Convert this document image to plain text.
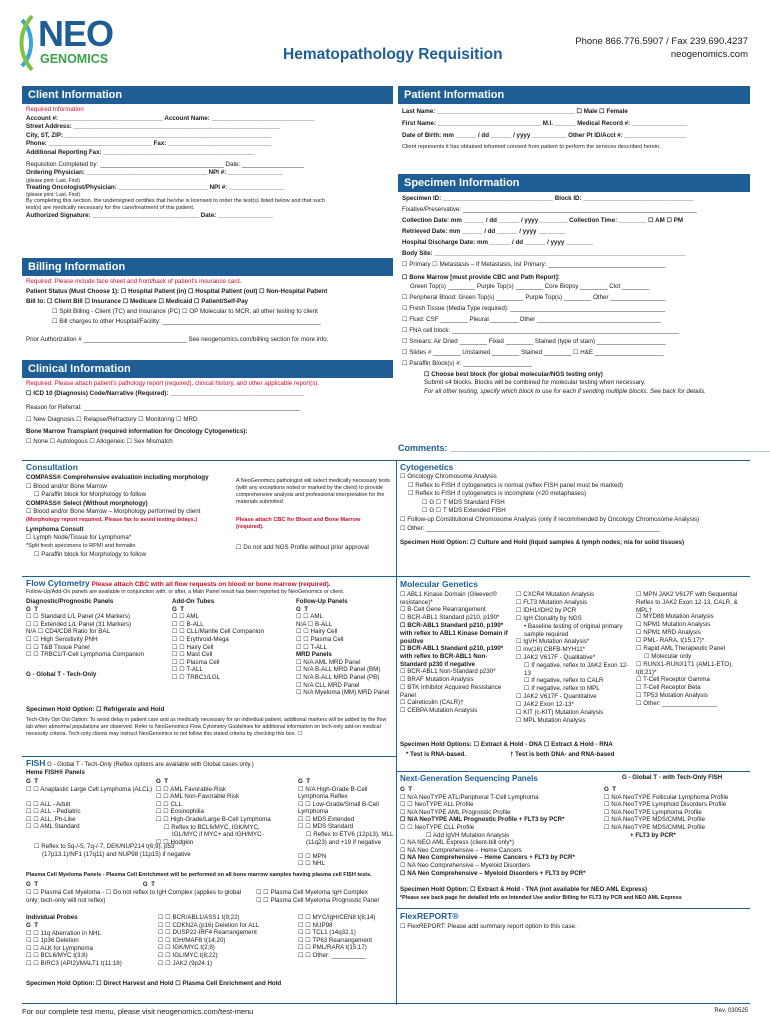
NEO
GENOMICS	Hematopathology Requisition
Phone 866.776.5907 / Fax 239.690.4237
neogenomics.com
Client Information
Required Information
Account #: ______________________________ Account Name: ______________________________
Street Address: ____________________________________________________________
City, ST, ZIP: ____________________________________________________________
Phone: ______________________________ Fax: ______________________________
Additional Reporting Fax: ____________________________________________
Requisition Completed by: ____________________________________ Date: __________________
Ordering Physician: ___________________________________ NPI #: ________________
(please print: Last, First)
Treating Oncologist/Physician: __________________________ NPI #: ________________
(please print: Last, First)
By completing this section, the undersigned certifies that he/she is licensed to order the test(s) listed below and that such
test(s) are medically necessary for the care/treatment of this patient.
Authorized Signature: _______________________________ Date: ________________
Patient Information
Last Name: ________________________________________ ☐ Male ☐ Female
First Name: ______________________________ M.I. ______ Medical Record #: ________________
Date of Birth: mm ______ / dd ______ / yyyy __________ Other Pt ID/Acct #: __________________
Client represents it has obtained informed consent from patient to perform the services described herein.
Specimen Information
Specimen ID: ________________________________ Block ID: ________________________________
Fixative/Preservative: ____________________________________________________________________
Collection Date: mm ______ / dd ______ / yyyy ________ Collection Time: ________ ☐ AM ☐ PM
Retrieved Date: mm ______ / dd ______ / yyyy ________
Hospital Discharge Date: mm ______ / dd ______ / yyyy ________
Body Site: _________________________________________________________________________
☐ Primary ☐ Metastasis – If Metastasis, list Primary: __________________________________
☐ Bone Marrow [must provide CBC and Path Report]:
Green Top(s) ________ Purple Top(s) ________ Core Biopsy ________ Clot ________
☐ Peripheral Blood: Green Top(s) ________ Purple Top(s) ________ Other ________________
☐ Fresh Tissue (Media Type required): _____________________________________________
☐ Fluid: CSF ________ Pleural ________ Other ____________________________________
☐ FNA cell block: __________________________________________________________________
☐ Smears: Air Dried ________ Fixed ________ Stained (type of stain) ____________________
☐ Slides # ________ Unstained ________ Stained ________ ☐ H&E ____________________
☐ Paraffin Block(s) #: ____________________
☐ Choose best block (for global molecular/NGS testing only)
Submit ≤4 blocks. Blocks will be combined for molecular testing when necessary.
For all other testing, specify which block to use for each if sending multiple blocks. See back for details.
Comments: ________________________________________________________________
Billing Information
Required: Please include face sheet and front/back of patient's insurance card.
Patient Status (Must Choose 1): ☐ Hospital Patient (in) ☐ Hospital Patient (out) ☐ Non-Hospital Patient
Bill to: ☐ Client Bill ☐ Insurance ☐ Medicare ☐ Medicaid ☐ Patient/Self-Pay
☐ Split Billing - Client (TC) and Insurance (PC) ☐ OP Molecular to MCR, all other testing to client
☐ Bill charges to other Hospital/Facility: ______________________________________________
Prior Authorization # ______________________________ See neogenomics.com/billing section for more info.
Clinical Information
Required: Please attach patient's pathology report (required), clinical history, and other applicable report(s).
☐ ICD 10 (Diagnosis) Code/Narrative (Required): _______________________________________
Reason for Referral: _______________________________________________________________
☐ New Diagnosis ☐ Relapse/Refractory ☐ Monitoring ☐ MRD
Bone Marrow Transplant (required information for Oncology Cytogenetics):
☐ None ☐ Autologous ☐ Allogeneic ☐ Sex Mismatch
Consultation
COMPASS® Comprehensive evaluation including morphology
☐ Blood and/or Bone Marrow
☐ Paraffin block for Morphology to follow
COMPASS® Select (Without morphology)
☐ Blood and/or Bone Marrow – Morphology performed by client
(Morphology report required. Please fax to avoid testing delays.)
Lymphoma Consult
☐ Lymph Node/Tissue for Lymphoma*
*Split fresh specimens to RPMI and formalin
☐ Paraffin block for Morphology to follow
A NeoGenomics pathologist will select medically necessary tests (with any exceptions noted or marked by the client) to provide comprehensive analysis and professional interpretation for the materials submitted.
Please attach CBC for Blood and Bone Marrow (required).
☐ Do not add NGS Profile without prior approval
Flow Cytometry Please attach CBC with all flow requests on blood or bone marrow (required).
Follow-Up/Add-On panels are available in conjunction with, or after, a Main Panel result has been reported by NeoGenomics or client.
Diagnostic/Prognostic Panels
G  T
☐ ☐ Standard L/L Panel (24 Markers)
☐ ☐ Extended L/L Panel (31 Markers)
N/A ☐ CD4/CD8 Ratio for BAL
☐ ☐ High Sensitivity PNH
☐ ☐ T&B Tissue Panel
☐ ☐ TRBC1/T-Cell Lymphoma Companion
G - Global T - Tech-Only
Add-On Tubes
G  T
☐ ☐ AML
☐ ☐ B-ALL
☐ ☐ CLL/Mantle Cell Companion
☐ ☐ Erythroid-Mega
☐ ☐ Hairy Cell
☐ ☐ Mast Cell
☐ ☐ Plasma Cell
☐ ☐ T-ALL
☐ ☐ TRBC1/LGL
Follow-Up Panels
G  T
☐ ☐ AML
N/A ☐ B-ALL
☐ ☐ Hairy Cell
☐ ☐ Plasma Cell
☐ ☐ T-ALL
MRD Panels
☐ N/A AML MRD Panel
☐ N/A B-ALL MRD Panel (BM)
☐ N/A B-ALL MRD Panel (PB)
☐ N/A CLL MRD Panel
☐ N/A Myeloma (MM) MRD Panel
Specimen Hold Option: ☐ Refrigerate and Hold
Tech-Only Opt Out Option: To avoid delay in patient care and as medically necessary for an individual patient, additional markers will be added by the flow lab when abnormal populations are observed. Refer to NeoGenomics Flow Cytometry Guidelines for additional information on tech-only add-on medical necessity criteria. Tech-only clients may instruct NeoGenomics to not follow this stated criteria by checking this box. ☐
FISH G - Global T - Tech-Only (Reflex options are available with Global cases only.)
Heme FISH® Panels
G  T
☐ ☐ Anaplastic Large Cell Lymphoma (ALCL)
☐ ☐ ALL - Adult
☐ ☐ ALL - Pediatric
☐ ☐ ALL, Ph-Like
☐ ☐ AML Standard
G  T
☐ ☐ AML Favorable-Risk
☐ ☐ AML Non-Favorable Risk
☐ ☐ CLL
☐ ☐ Eosinophilia
☐ ☐ High-Grade/Large B-Cell Lymphoma
☐ Reflex to BCL6/MYC, IGK/MYC,
IGL/MYC if MYC+ and IGH/MYC-
☐ ☐ Hodgkin
G  T
☐ N/A High-Grade B-Cell Lymphoma Reflex
☐ ☐ Low-Grade/Small B-Cell Lymphoma
☐ ☐ MDS Extended
☐ ☐ MDS Standard
☐ Reflex to ETV6 (12p13), MLL (11q23) and +19 if negative
☐ ☐ MPN
☐ ☐ NHL
☐ Reflex to 5q-/-5, 7q-/-7, DEK/NUP214 t(6;9), p53
(17p13.1)/NF1 (17q11) and NUP98 (11p15) if negative
Plasma Cell Myeloma Panels - Plasma Cell Enrichment will be performed on all bone marrow samples having plasma cell FISH tests.
G  T                                                             G  T
☐ ☐ Plasma Cell Myeloma - ☐ Do not reflex to IgH Complex (applies to global only; tech-only will not reflex)
☐ ☐ Plasma Cell Myeloma IgH Complex
☐ ☐ Plasma Cell Myeloma Prognostic Panel
Individual Probes
G  T
☐ ☐ 11q Aberration in NHL
☐ ☐ 1p36 Deletion
☐ ☐ ALK for Lymphoma
☐ ☐ BCL6/MYC t(3;8)
☐ ☐ BIRC3 (API2)/MALT1 t(11;18)
☐ ☐ BCR/ABL1/ASS1 t(9;22)
☐ ☐ CDKN2A (p16) Deletion for ALL
☐ ☐ DUSP22-IRF4 Rearrangement
☐ ☐ IGH/MAFB t(14;20)
☐ ☐ IGK/MYC t(2;8)
☐ ☐ IGL/MYC t(8;22)
☐ ☐ JAK2 (9p24.1)
☐ ☐ MYC/IgH/CEN8 t(8;14)
☐ ☐ NUP98
☐ ☐ TCL1 (14q32.1)
☐ ☐ TP63 Rearrangement
☐ ☐ PML/RARA t(15;17)
☐ ☐ Other: __________
Specimen Hold Option: ☐ Direct Harvest and Hold ☐ Plasma Cell Enrichment and Hold
Cytogenetics
☐ Oncology Chromosome Analysis
☐ Reflex to FISH if cytogenetics is normal (reflex FISH panel must be marked)
☐ Reflex to FISH if cytogenetics is incomplete (<20 metaphases)
☐ G ☐ T MDS Standard FISH
☐ G ☐ T MDS Extended FISH
☐ Follow-up Constitutional Chromosome Analysis (only if recommended by Oncology Chromosome Analysis)
☐ Other: ____________________________________________________________________
Specimen Hold Option: ☐ Culture and Hold (liquid samples & lymph nodes; n/a for solid tissues)
Molecular Genetics
☐ ABL1 Kinase Domain (Gleevec® resistance)*
☐ B-Cell Gene Rearrangement
☐ BCR-ABL1 Standard p210, p190*
☐ BCR-ABL1 Standard p210, p190* with reflex to ABL1 Kinase Domain if positive
☐ BCR-ABL1 Standard p210, p190* with reflex to BCR-ABL1 Non-Standard p230 if negative
☐ BCR-ABL1 Non-Standard p230*
☐ BRAF Mutation Analysis
☐ BTK Inhibitor Acquired Resistance Panel
☐ Calreticulin (CALR)†
☐ CEBPA Mutation Analysis
☐ CXCR4 Mutation Analysis
☐ FLT3 Mutation Analysis
☐ IDH1/IDH2 by PCR
☐ IgH Clonality by NGS
• Baseline testing of original primary sample required
☐ IgVH Mutation Analysis*
☐ inv(16) CBFB-MYH11*
☐ JAK2 V617F - Qualitative*
☐ If negative, reflex to JAK2 Exon 12-13
☐ If negative, reflex to CALR
☐ If negative, reflex to MPL
☐ JAK2 V617F - Quantitative
☐ JAK2 Exon 12-13*
☐ KIT (c-KIT) Mutation Analysis
☐ MPL Mutation Analysis
☐ MPN JAK2 V617F with Sequential Reflex to JAK2 Exon 12-13, CALR, & MPL†
☐ MYD88 Mutation Analysis
☐ NPM1 Mutation Analysis
☐ NPM1 MRD Analysis
☐ PML- RARA, t(15;17)*
☐ Rapid AML Therapeutic Panel
☐ Molecular only
☐ RUNX1-RUNX1T1 (AML1-ETO), t(8;21)*
☐ T-Cell Receptor Gamma
☐ T-Cell Receptor Beta
☐ TP53 Mutation Analysis
☐ Other: ________________
Specimen Hold Options: ☐ Extract & Hold - DNA ☐ Extract & Hold - RNA
* Test is RNA-based.	† Test is both DNA- and RNA-based
Next-Generation Sequencing Panels	G - Global T - with Tech-Only FISH
G  T
☐ N/A NeoTYPE ATL/Peripheral T-Cell Lymphoma
☐ ☐ NeoTYPE ALL Profile
☐ N/A NeoTYPE AML Prognostic Profile
☐ N/A NeoTYPE AML Prognostic Profile + FLT3 by PCR*
☐ ☐ NeoTYPE CLL Profile
☐ Add IgVH Mutation Analysis
☐ NA NEO AML Express (client-bill only*)
☐ NA Neo Comprehensive – Heme Cancers
☐ NA Neo Comprehensive – Heme Cancers + FLT3 by PCR*
☐ NA Neo Comprehensive – Myeloid Disorders
☐ NA Neo Comprehensive – Myeloid Disorders + FLT3 by PCR*
G  T
☐ N/A NeoTYPE Follicular Lymphoma Profile
☐ N/A NeoTYPE Lymphoid Disorders Profile
☐ N/A NeoTYPE Lymphoma Profile
☐ N/A NeoTYPE MDS/CMML Profile
☐ N/A NeoTYPE MDS/CMML Profile
+ FLT3 by PCR*
Specimen Hold Option: ☐ Extract & Hold - TNA (not available for NEO AML Express)
*Please see back page for detailed info on Intended Use and/or Billing for FLT3 by PCR and NEO AML Express
FlexREPORT®
☐ FlexREPORT: Please add summary report option to this case.
For our complete test menu, please visit neogenomics.com/test-menu	Rev. 030525
